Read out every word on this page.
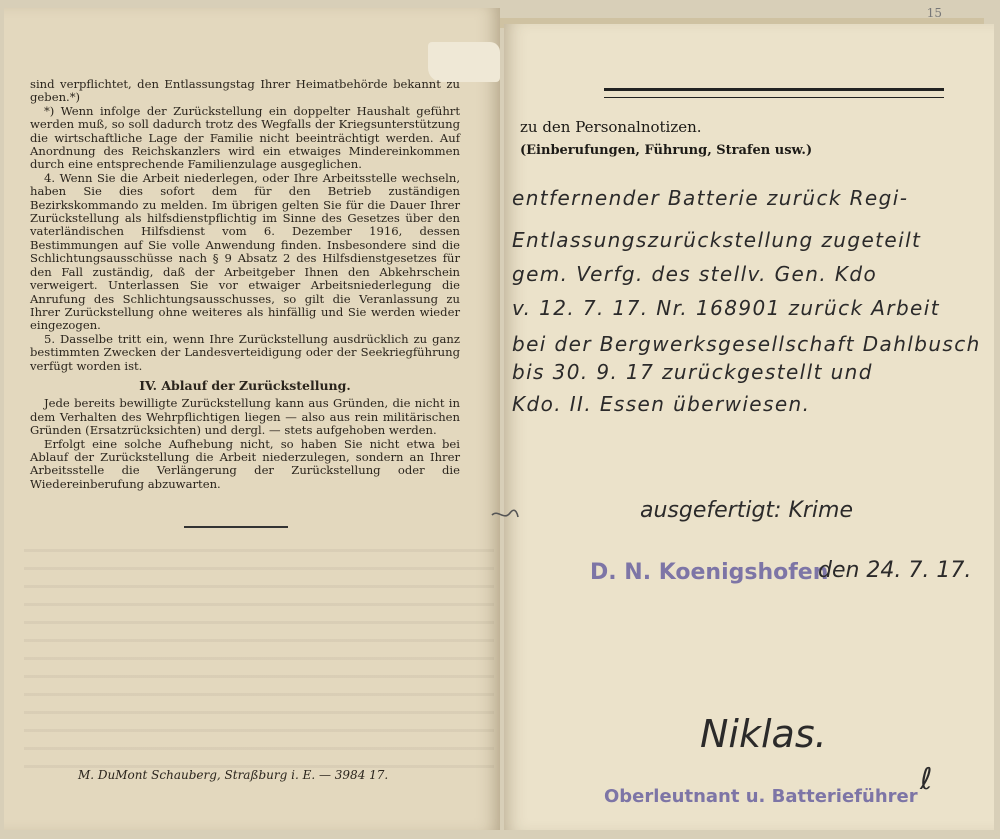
sind verpflichtet, den Entlassungstag Ihrer Heimatbehörde bekannt zu geben.*)

*) Wenn infolge der Zurückstellung ein doppelter Haushalt geführt werden muß, so soll dadurch trotz des Wegfalls der Kriegsunterstützung die wirtschaftliche Lage der Familie nicht beeinträchtigt werden. Auf Anordnung des Reichskanzlers wird ein etwaiges Mindereinkommen durch eine entsprechende Familienzulage ausgeglichen.

4. Wenn Sie die Arbeit niederlegen, oder Ihre Arbeitsstelle wechseln, haben Sie dies sofort dem für den Betrieb zuständigen Bezirkskommando zu melden. Im übrigen gelten Sie für die Dauer Ihrer Zurückstellung als hilfsdienstpflichtig im Sinne des Gesetzes über den vaterländischen Hilfsdienst vom 6. Dezember 1916, dessen Bestimmungen auf Sie volle Anwendung finden. Insbesondere sind die Schlichtungsausschüsse nach § 9 Absatz 2 des Hilfsdienstgesetzes für den Fall zuständig, daß der Arbeitgeber Ihnen den Abkehrschein verweigert. Unterlassen Sie vor etwaiger Arbeitsniederlegung die Anrufung des Schlichtungsausschusses, so gilt die Veranlassung zu Ihrer Zurückstellung ohne weiteres als hinfällig und Sie werden wieder eingezogen.

5. Dasselbe tritt ein, wenn Ihre Zurückstellung ausdrücklich zu ganz bestimmten Zwecken der Landesverteidigung oder der Seekriegführung verfügt worden ist.

IV. Ablauf der Zurückstellung.

Jede bereits bewilligte Zurückstellung kann aus Gründen, die nicht in dem Verhalten des Wehrpflichtigen liegen — also aus rein militärischen Gründen (Ersatzrücksichten) und dergl. — stets aufgehoben werden.

Erfolgt eine solche Aufhebung nicht, so haben Sie nicht etwa bei Ablauf der Zurückstellung die Arbeit niederzulegen, sondern an Ihrer Arbeitsstelle die Verlängerung der Zurückstellung oder die Wiedereinberufung abzuwarten.

M. DuMont Schauberg, Straßburg i. E. — 3984 17.
15
zu den Personalnotizen.
(Einberufungen, Führung, Strafen usw.)
entfernender Batterie zurück Regi-
Entlassungszurückstellung zugeteilt
gem. Verfg. des stellv. Gen. Kdo
v. 12. 7. 17. Nr. 168901 zurück Arbeit
bei der Bergwerksgesellschaft Dahlbusch
bis 30. 9. 17 zurückgestellt und
Kdo. II. Essen überwiesen.
ausgefertigt: Krime
D. N. Koenigshofen
den 24. 7. 17.
Niklas.
Oberleutnant u. Batterieführer ℓ
